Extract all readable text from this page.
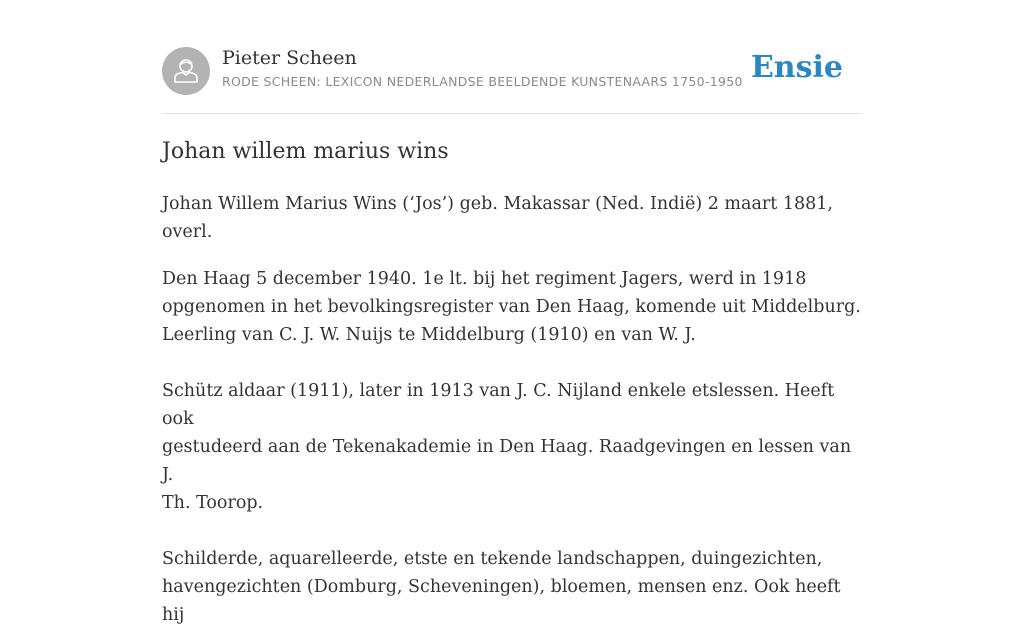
Pieter Scheen
RODE SCHEEN: LEXICON NEDERLANDSE BEELDENDE KUNSTENAARS 1750-1950 Ensie
Johan willem marius wins

Johan Willem Marius Wins (‘Jos’) geb. Makassar (Ned. Indië) 2 maart 1881, overl.

Den Haag 5 december 1940. 1e lt. bij het regiment Jagers, werd in 1918
opgenomen in het bevolkingsregister van Den Haag, komende uit Middelburg.
Leerling van C. J. W. Nuijs te Middelburg (1910) en van W. J.

Schütz aldaar (1911), later in 1913 van J. C. Nijland enkele etslessen. Heeft ook
gestudeerd aan de Tekenakademie in Den Haag. Raadgevingen en lessen van J.
Th. Toorop.

Schilderde, aquarelleerde, etste en tekende landschappen, duingezichten,
havengezichten (Domburg, Scheveningen), bloemen, mensen enz. Ook heeft hij
